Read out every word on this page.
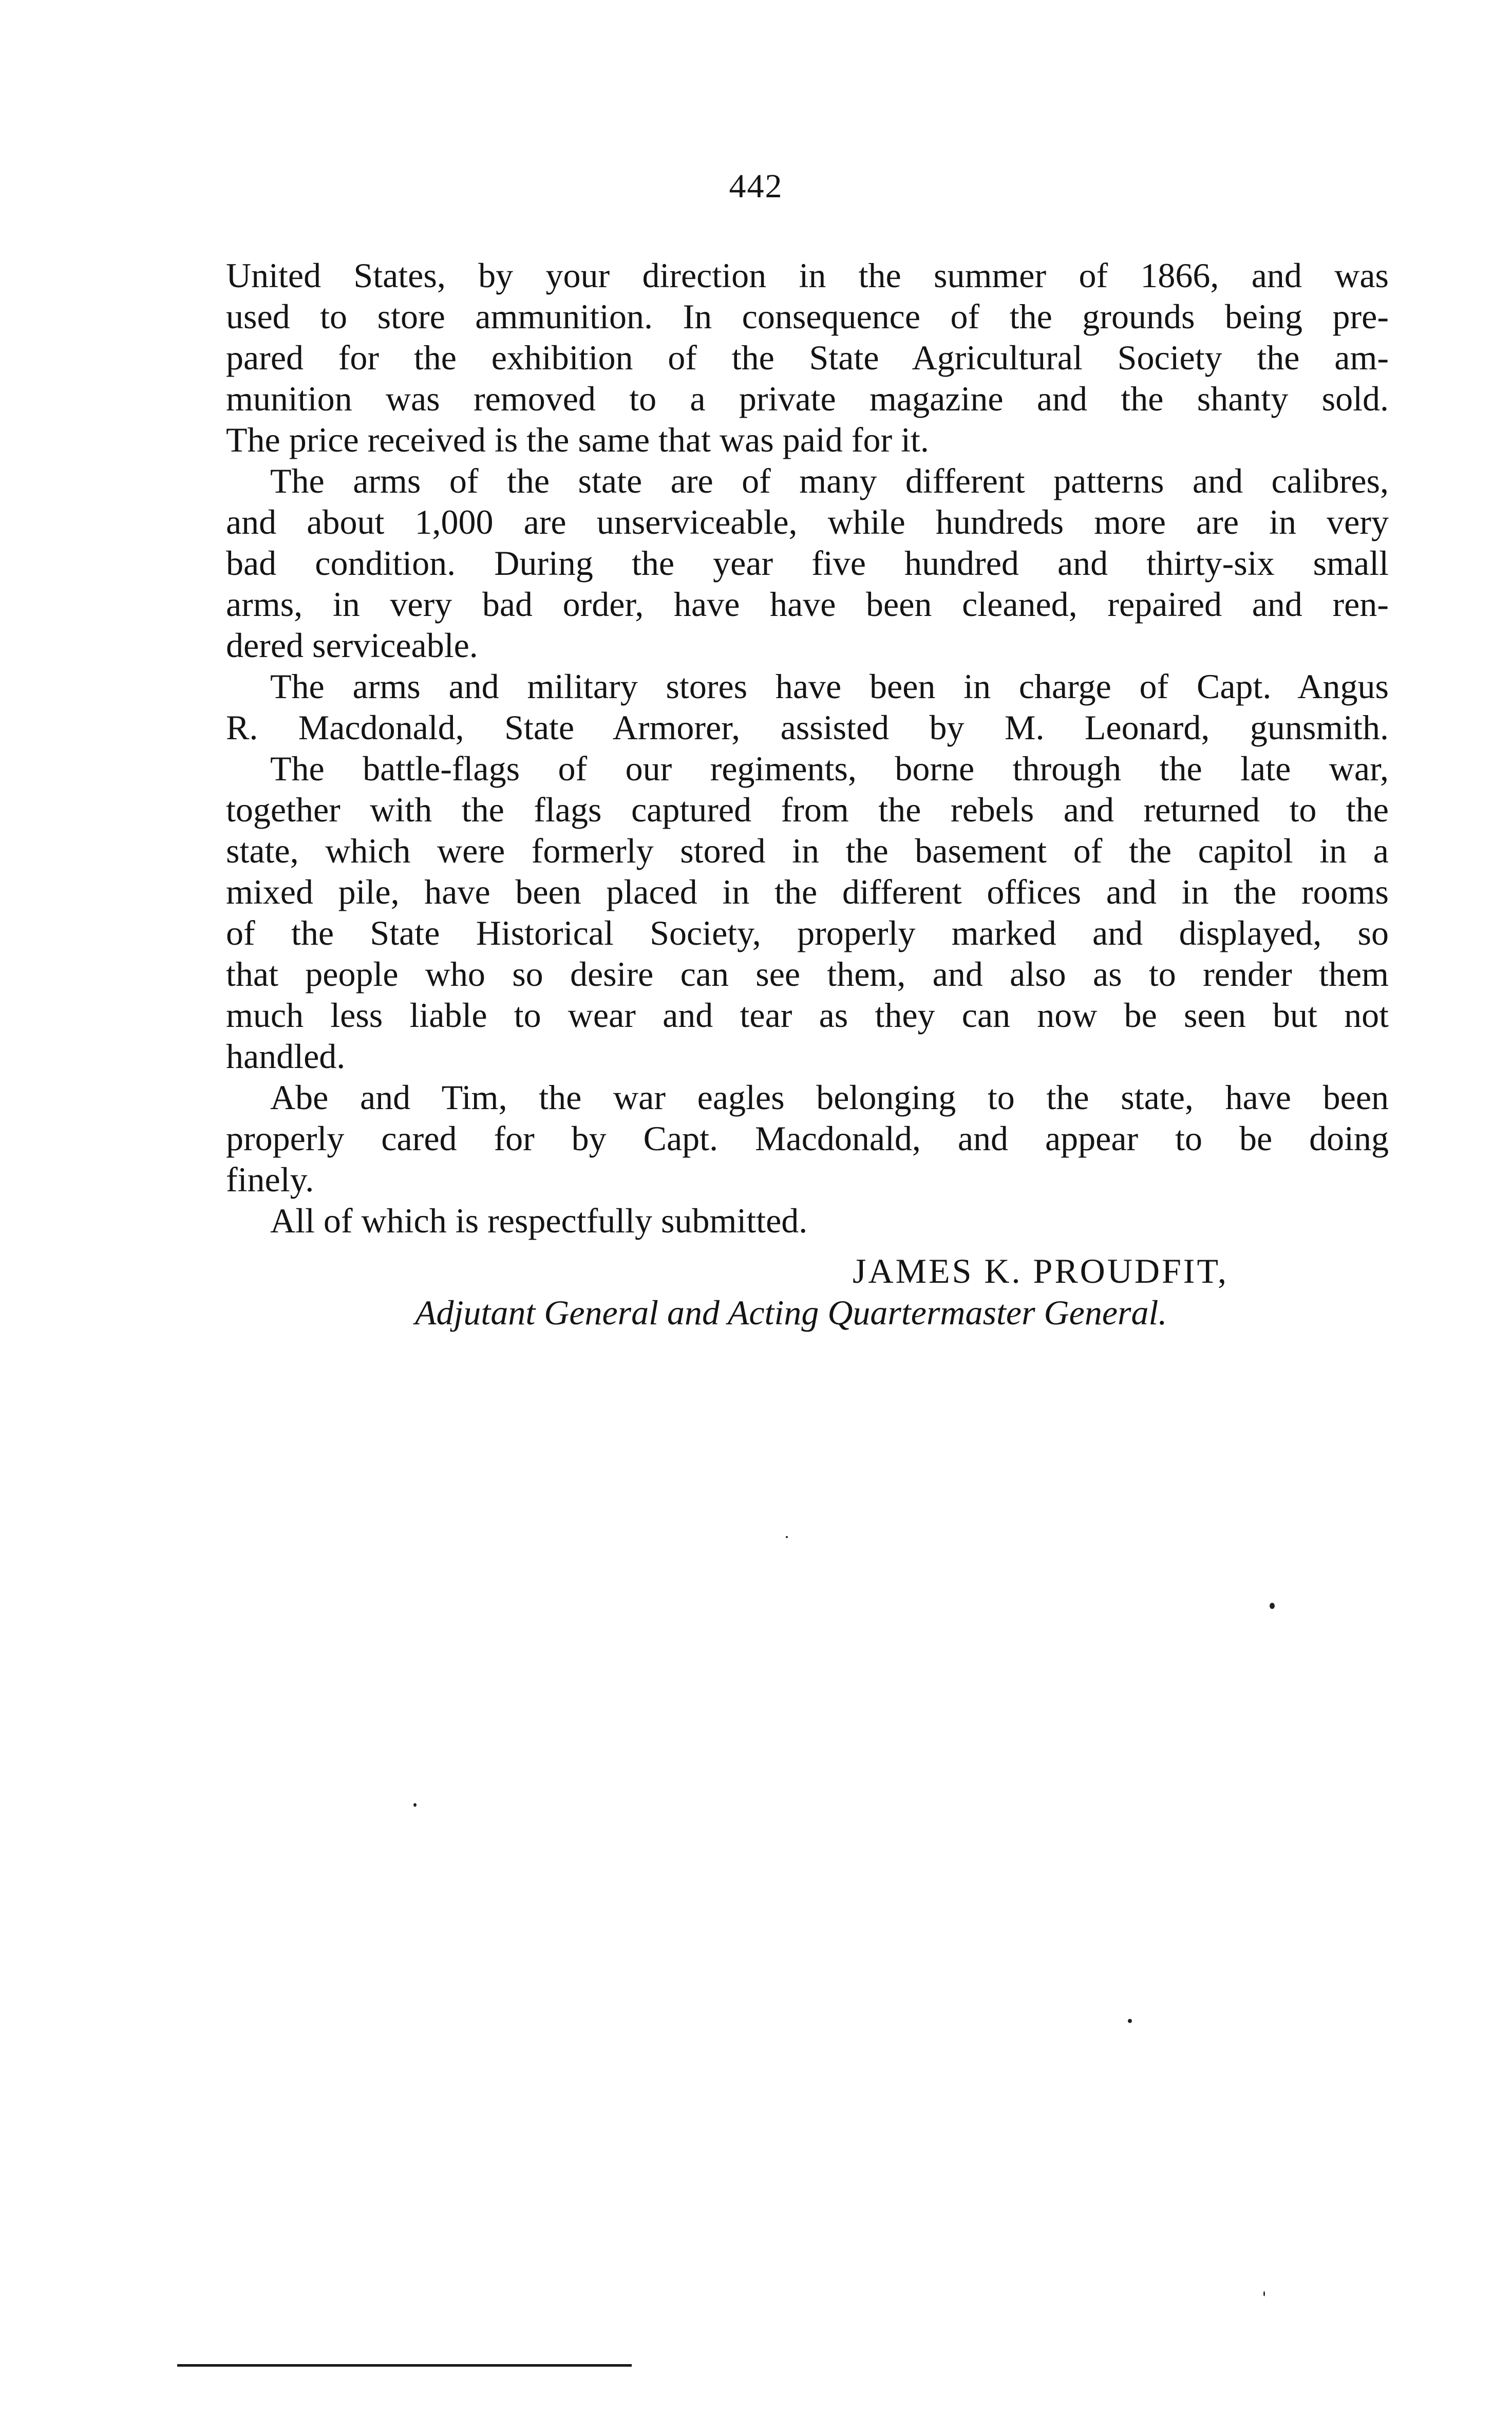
442
United States, by your direction in the summer of 1866, and was
used to store ammunition. In consequence of the grounds being pre-
pared for the exhibition of the State Agricultural Society the am-
munition was removed to a private magazine and the shanty sold.
The price received is the same that was paid for it.
The arms of the state are of many different patterns and calibres,
and about 1,000 are unserviceable, while hundreds more are in very
bad condition. During the year five hundred and thirty-six small
arms, in very bad order, have have been cleaned, repaired and ren-
dered serviceable.
The arms and military stores have been in charge of Capt. Angus
R. Macdonald, State Armorer, assisted by M. Leonard, gunsmith.
The battle-flags of our regiments, borne through the late war,
together with the flags captured from the rebels and returned to the
state, which were formerly stored in the basement of the capitol in a
mixed pile, have been placed in the different offices and in the rooms
of the State Historical Society, properly marked and displayed, so
that people who so desire can see them, and also as to render them
much less liable to wear and tear as they can now be seen but not
handled.
Abe and Tim, the war eagles belonging to the state, have been
properly cared for by Capt. Macdonald, and appear to be doing
finely.
All of which is respectfully submitted.
JAMES K. PROUDFIT,
Adjutant General and Acting Quartermaster General.
